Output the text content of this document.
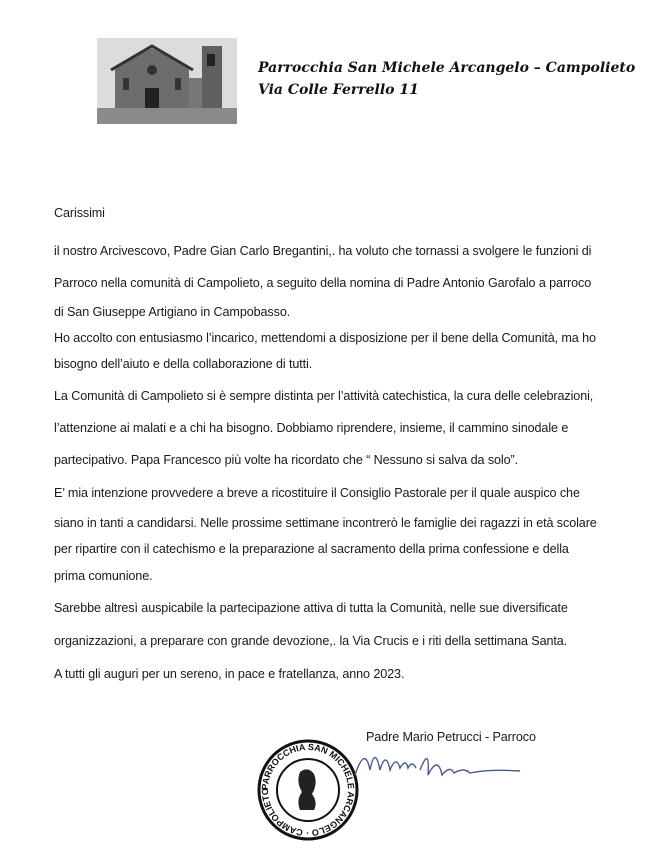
Parrocchia San Michele Arcangelo – Campolieto
Via Colle Ferrello 11
Carissimi
il nostro Arcivescovo, Padre Gian Carlo Bregantini,. ha voluto che tornassi a svolgere le funzioni di
Parroco nella comunità di Campolieto, a seguito della nomina di Padre Antonio Garofalo a parroco
di San Giuseppe Artigiano in Campobasso.
Ho accolto con entusiasmo l’incarico, mettendomi a disposizione per il bene della Comunità, ma ho
bisogno dell’aiuto e della collaborazione di tutti.
La Comunità di Campolieto si è sempre distinta per l’attività catechistica, la cura delle celebrazioni,
l’attenzione ai malati e a chi ha bisogno. Dobbiamo riprendere, insieme, il cammino sinodale e
partecipativo. Papa Francesco più volte ha ricordato che “ Nessuno si salva da solo”.
E’ mia intenzione provvedere a breve a ricostituire il Consiglio Pastorale per il quale auspico che
siano in tanti a candidarsi. Nelle prossime settimane incontrerò le famiglie dei ragazzi in età scolare
per ripartire con il catechismo e la preparazione al sacramento della prima confessione e della
prima comunione.
Sarebbe altresì auspicabile la partecipazione attiva di tutta la Comunità, nelle sue diversificate
organizzazioni, a preparare con grande devozione,. la Via Crucis e i riti della settimana Santa.
A tutti gli auguri per un sereno, in pace e fratellanza, anno 2023.
Padre Mario Petrucci - Parroco
PARROCCHIA SAN MICHELE ARCANGELO · CAMPOLIETO
